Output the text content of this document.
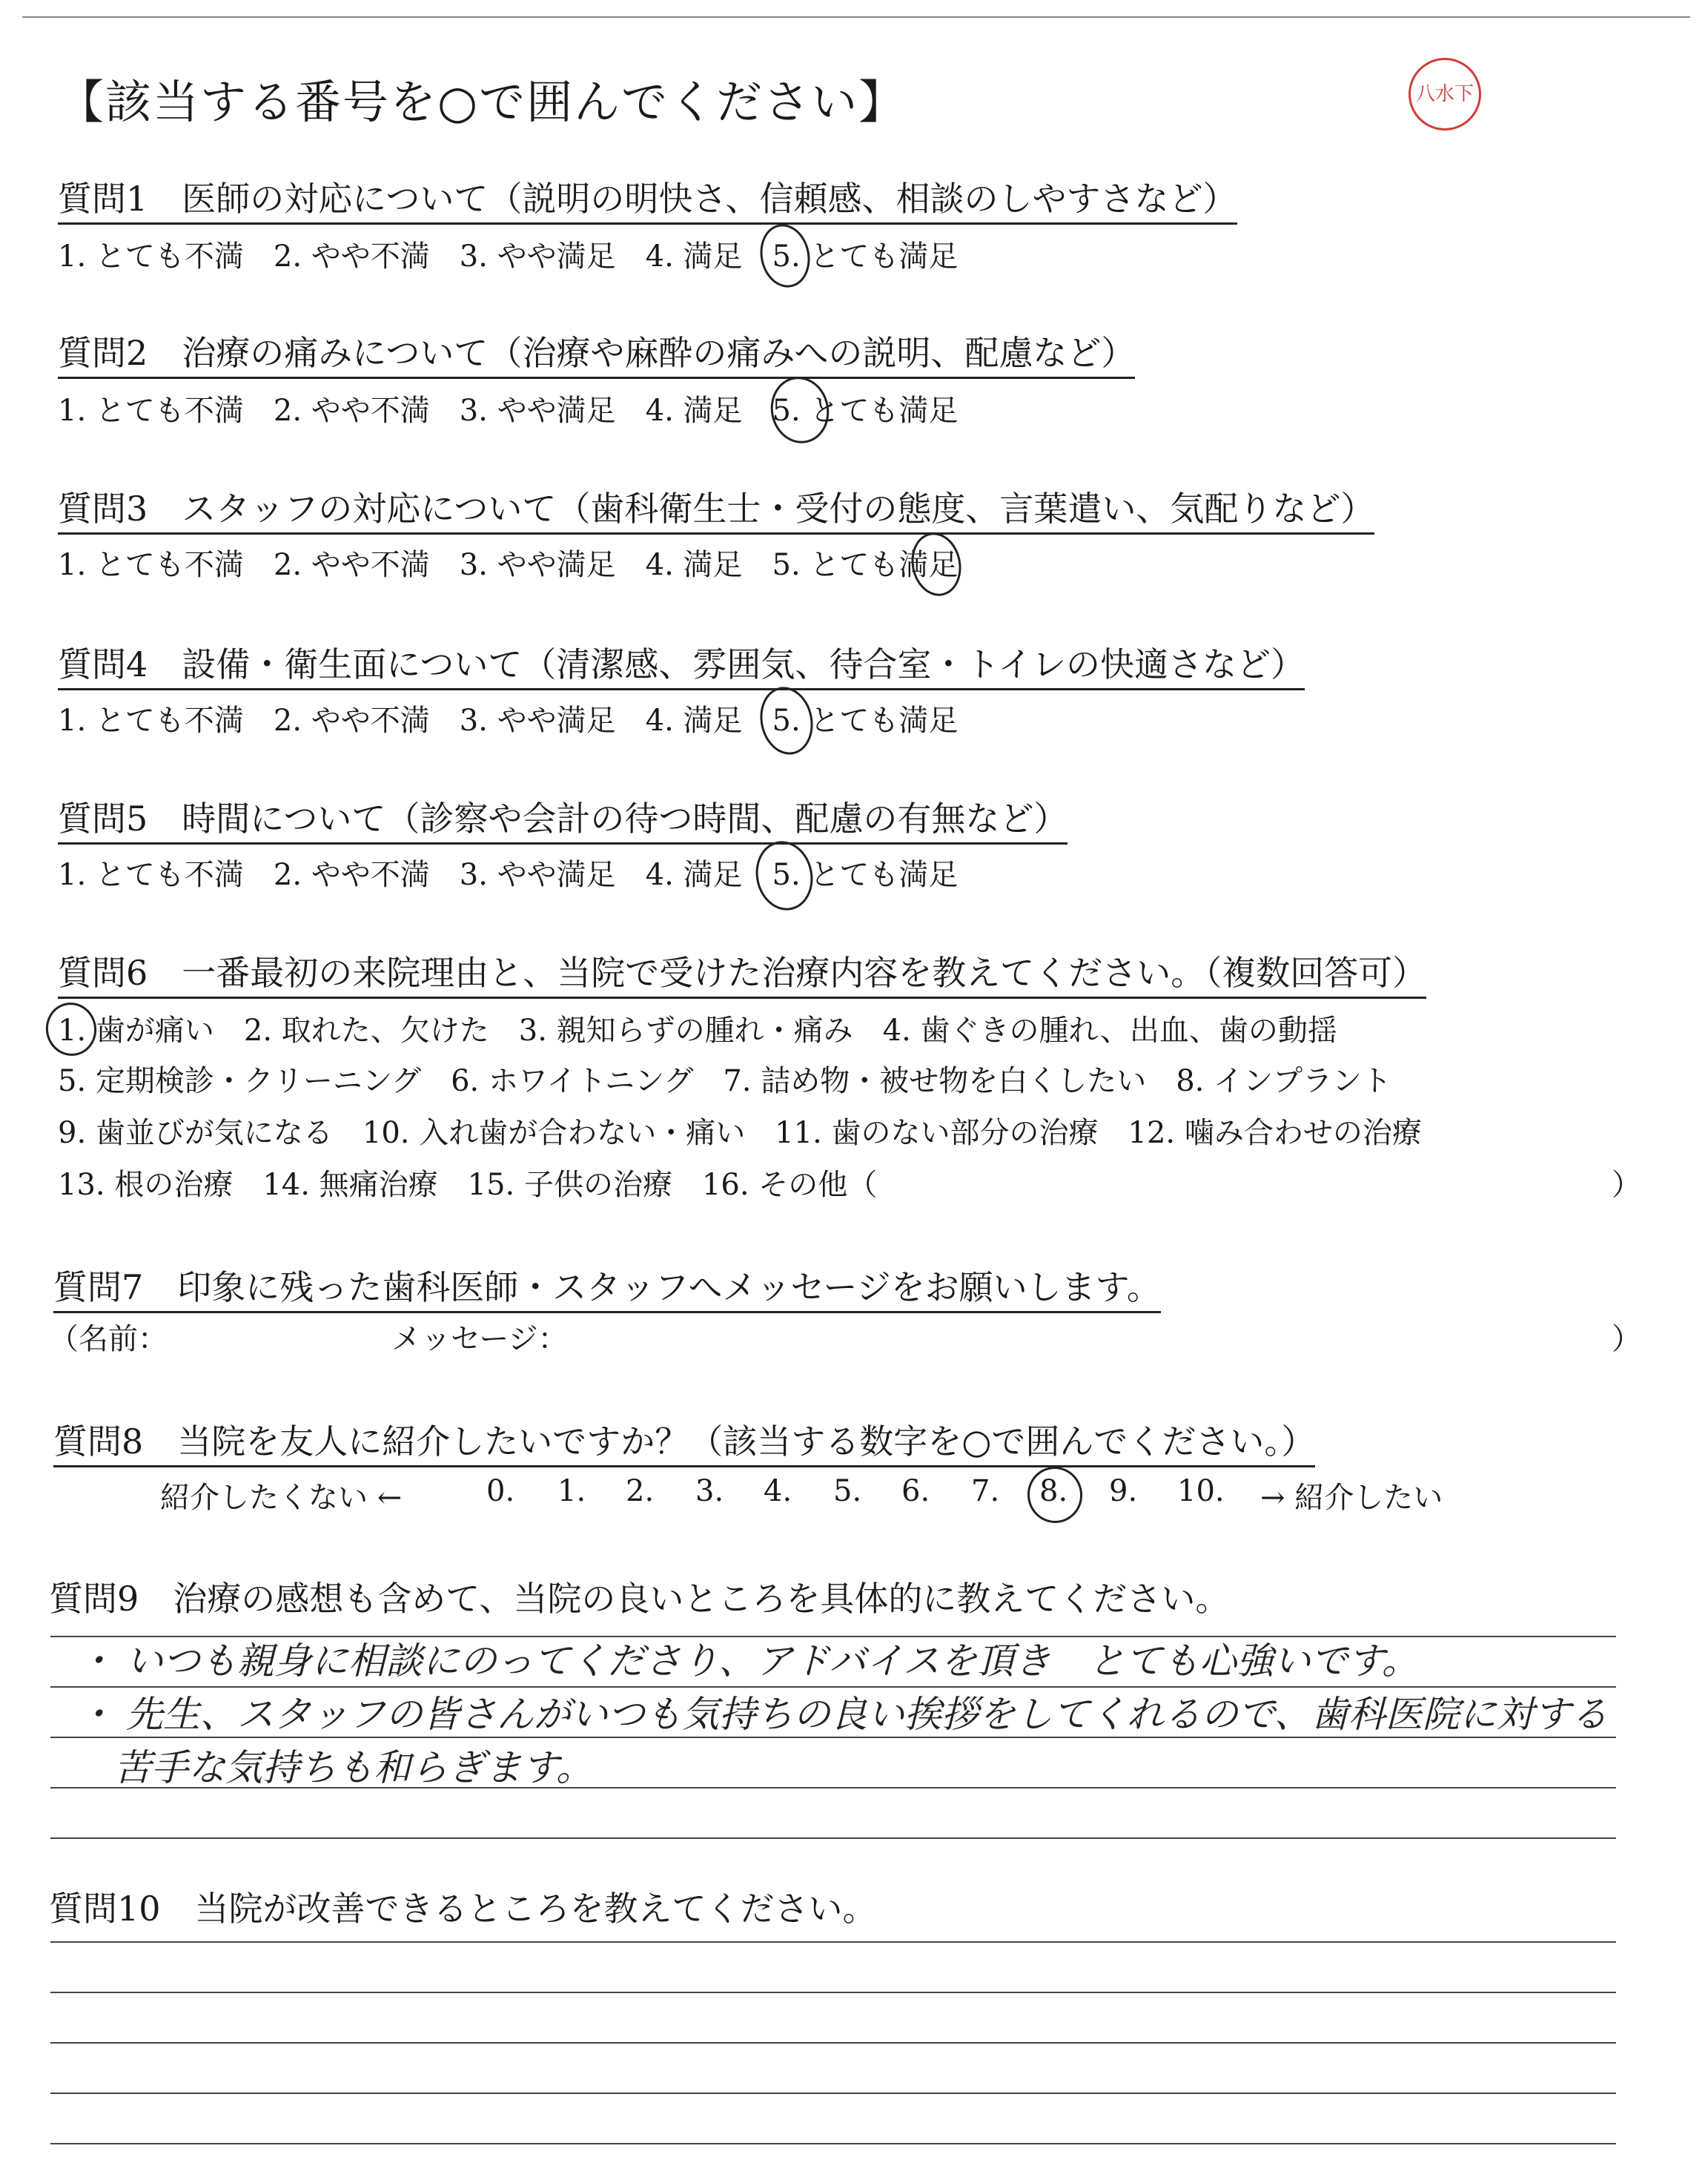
【該当する番号を○で囲んでください】	八水下
質問1　医師の対応について（説明の明快さ、信頼感、相談のしやすさなど）
1. とても不満　2. やや不満　3. やや満足　4. 満足　5. とても満足
質問2　治療の痛みについて（治療や麻酔の痛みへの説明、配慮など）
1. とても不満　2. やや不満　3. やや満足　4. 満足　5. とても満足
質問3　スタッフの対応について（歯科衛生士・受付の態度、言葉遣い、気配りなど）
1. とても不満　2. やや不満　3. やや満足　4. 満足　5. とても満足
質問4　設備・衛生面について（清潔感、雰囲気、待合室・トイレの快適さなど）
1. とても不満　2. やや不満　3. やや満足　4. 満足　5. とても満足
質問5　時間について（診察や会計の待つ時間、配慮の有無など）
1. とても不満　2. やや不満　3. やや満足　4. 満足　5. とても満足
質問6　一番最初の来院理由と、当院で受けた治療内容を教えてください。（複数回答可）
1. 歯が痛い　2. 取れた、欠けた　3. 親知らずの腫れ・痛み　4. 歯ぐきの腫れ、出血、歯の動揺
5. 定期検診・クリーニング　6. ホワイトニング　7. 詰め物・被せ物を白くしたい　8. インプラント
9. 歯並びが気になる　10. 入れ歯が合わない・痛い　11. 歯のない部分の治療　12. 噛み合わせの治療
13. 根の治療　14. 無痛治療　15. 子供の治療　16. その他（	）
質問7　印象に残った歯科医師・スタッフへメッセージをお願いします。
（名前：	メッセージ：	）
質問8　当院を友人に紹介したいですか？（該当する数字を○で囲んでください。）
紹介したくない ←	0. 1. 2. 3. 4. 5. 6. 7. 8. 9. 10. → 紹介したい
質問9　治療の感想も含めて、当院の良いところを具体的に教えてください。
・ いつも親身に相談にのってくださり、アドバイスを頂き　とても心強いです。
・ 先生、スタッフの皆さんがいつも気持ちの良い挨拶をしてくれるので、歯科医院に対する
　苦手な気持ちも和らぎます。
質問10　当院が改善できるところを教えてください。
